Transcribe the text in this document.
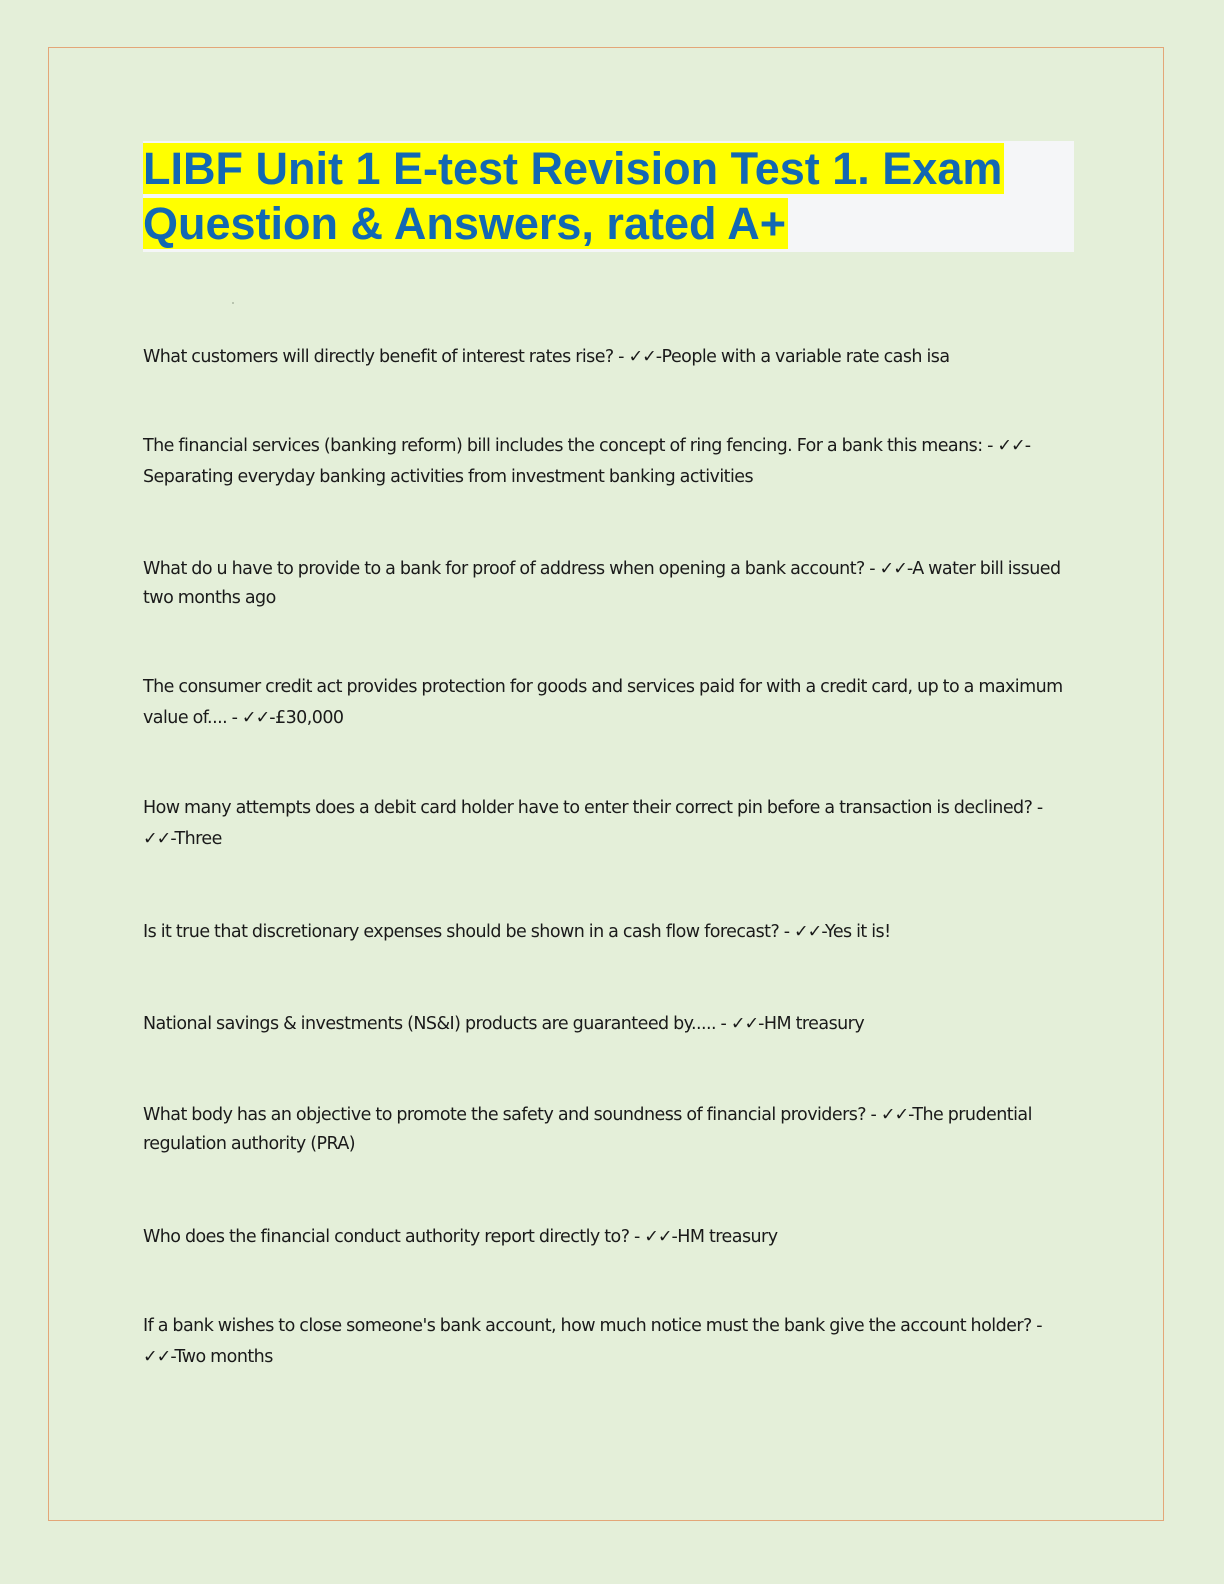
LIBF Unit 1 E-test Revision Test 1. Exam Question & Answers, rated A+

What customers will directly benefit of interest rates rise? - ✓✓-People with a variable rate cash isa

The financial services (banking reform) bill includes the concept of ring fencing. For a bank this means: - ✓✓-Separating everyday banking activities from investment banking activities

What do u have to provide to a bank for proof of address when opening a bank account? - ✓✓-A water bill issued two months ago

The consumer credit act provides protection for goods and services paid for with a credit card, up to a maximum value of.... - ✓✓-£30,000

How many attempts does a debit card holder have to enter their correct pin before a transaction is declined? - ✓✓-Three

Is it true that discretionary expenses should be shown in a cash flow forecast? - ✓✓-Yes it is!

National savings & investments (NS&I) products are guaranteed by..... - ✓✓-HM treasury

What body has an objective to promote the safety and soundness of financial providers? - ✓✓-The prudential regulation authority (PRA)

Who does the financial conduct authority report directly to? - ✓✓-HM treasury

If a bank wishes to close someone's bank account, how much notice must the bank give the account holder? - ✓✓-Two months
